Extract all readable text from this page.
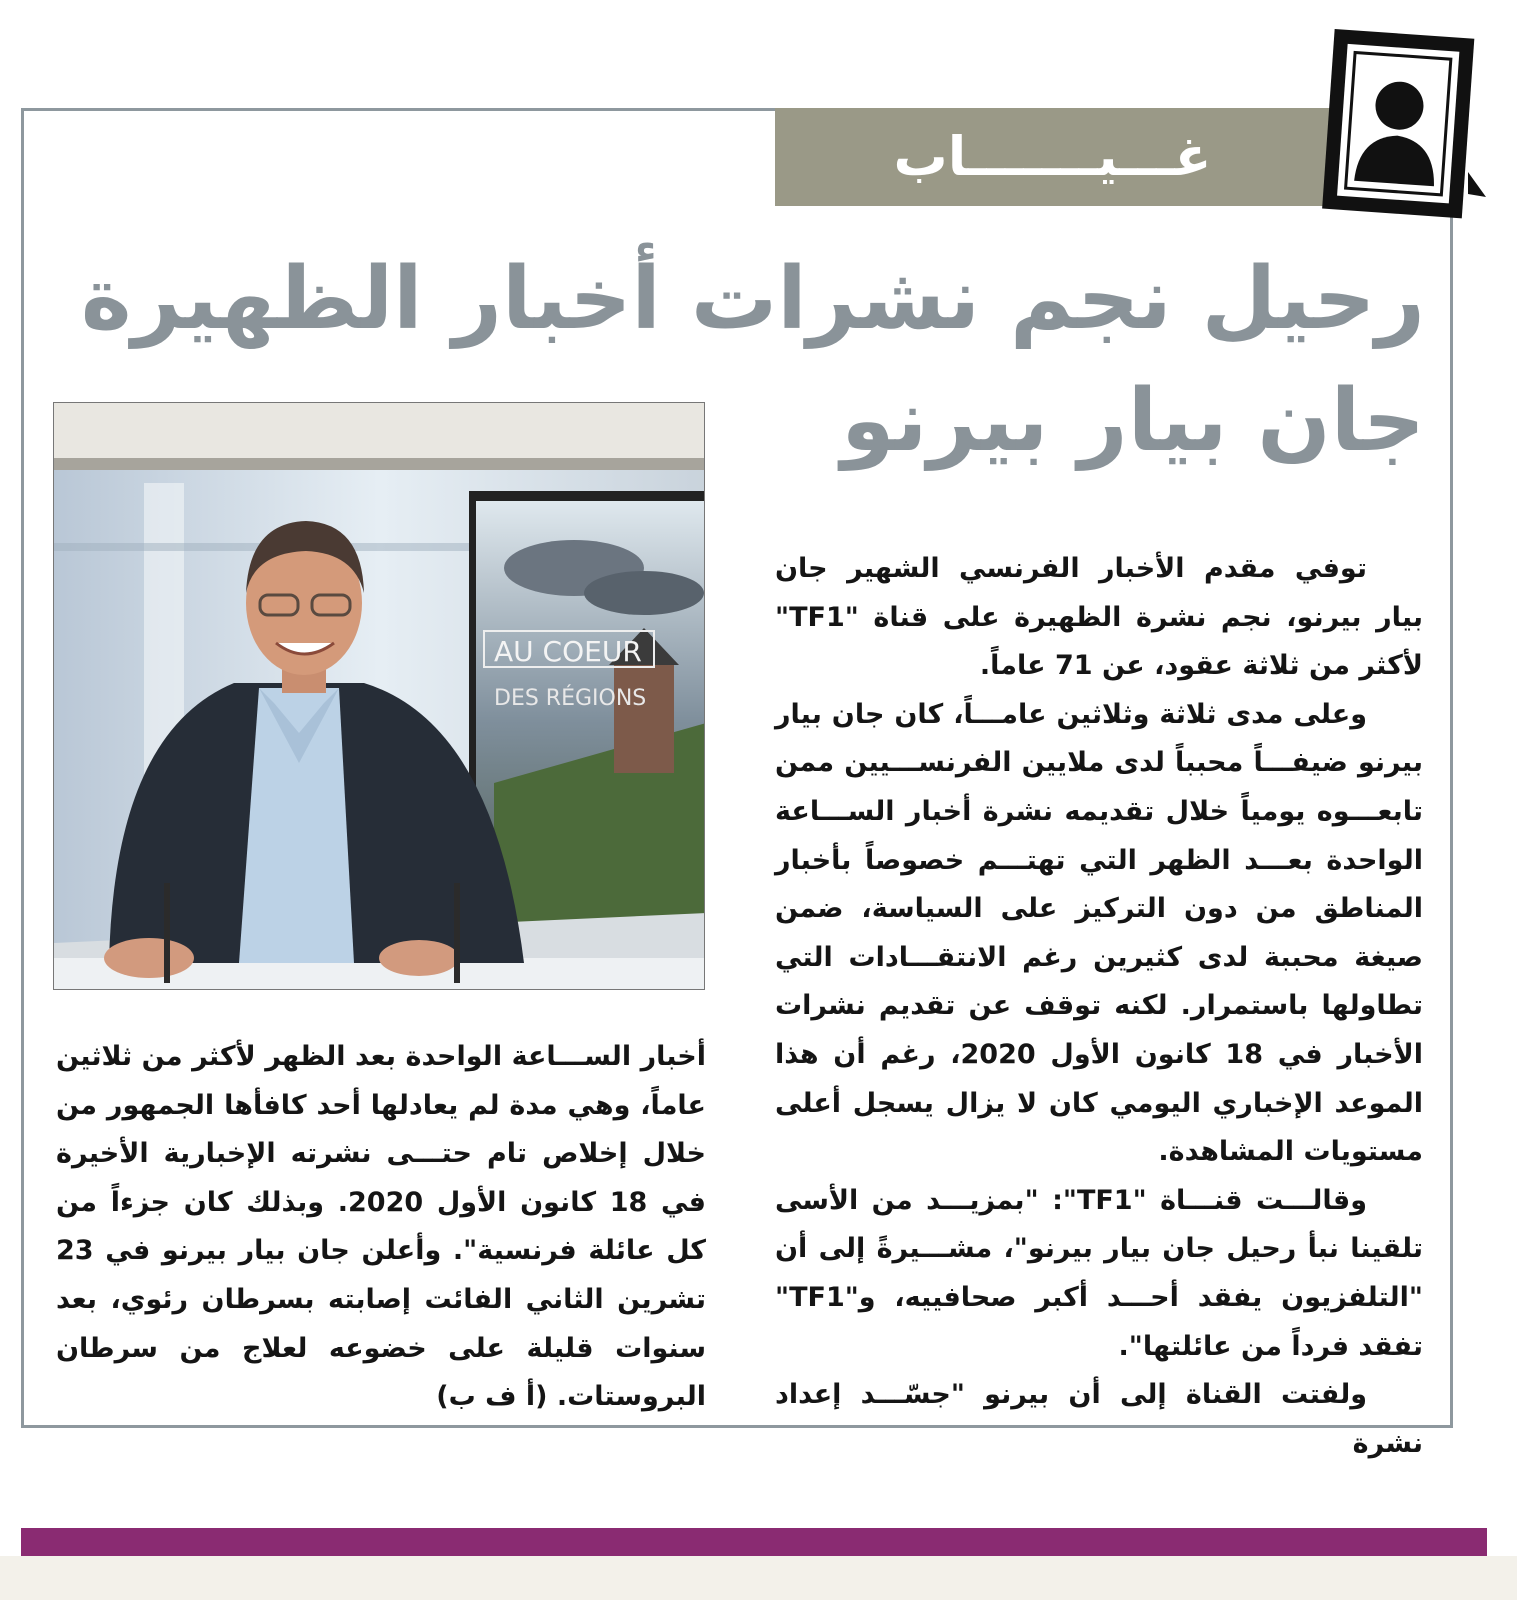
غـــيـــــــاب
رحيل نجم نشرات أخبار الظهيرة
جان بيار بيرنو
AU COEUR
DES RÉGIONS

توفي مقدم الأخبار الفرنسي الشهير جان بيار بيرنو، نجم نشرة الظهيرة على قناة "TF1" لأكثر من ثلاثة عقود، عن 71 عاماً.

وعلى مدى ثلاثة وثلاثين عامـــاً، كان جان بيار بيرنو ضيفـــاً محبباً لدى ملايين الفرنســـيين ممن تابعـــوه يومياً خلال تقديمه نشرة أخبار الســـاعة الواحدة بعـــد الظهر التي تهتـــم خصوصاً بأخبار المناطق من دون التركيز على السياسة، ضمن صيغة محببة لدى كثيرين رغم الانتقـــادات التي تطاولها باستمرار. لكنه توقف عن تقديم نشرات الأخبار في 18 كانون الأول 2020، رغم أن هذا الموعد الإخباري اليومي كان لا يزال يسجل أعلى مستويات المشاهدة.

وقالـــت قنـــاة "TF1": "بمزيـــد من الأسى تلقينا نبأ رحيل جان بيار بيرنو"، مشـــيرةً إلى أن "التلفزيون يفقد أحـــد أكبر صحافييه، و"TF1" تفقد فرداً من عائلتها".

ولفتت القناة إلى أن بيرنو "جسّـــد إعداد نشرة

أخبار الســـاعة الواحدة بعد الظهر لأكثر من ثلاثين عاماً، وهي مدة لم يعادلها أحد كافأها الجمهور من خلال إخلاص تام حتـــى نشرته الإخبارية الأخيرة في 18 كانون الأول 2020. وبذلك كان جزءاً من كل عائلة فرنسية". وأعلن جان بيار بيرنو في 23 تشرين الثاني الفائت إصابته بسرطان رئوي، بعد سنوات قليلة على خضوعه لعلاج من سرطان البروستات. (أ ف ب)
